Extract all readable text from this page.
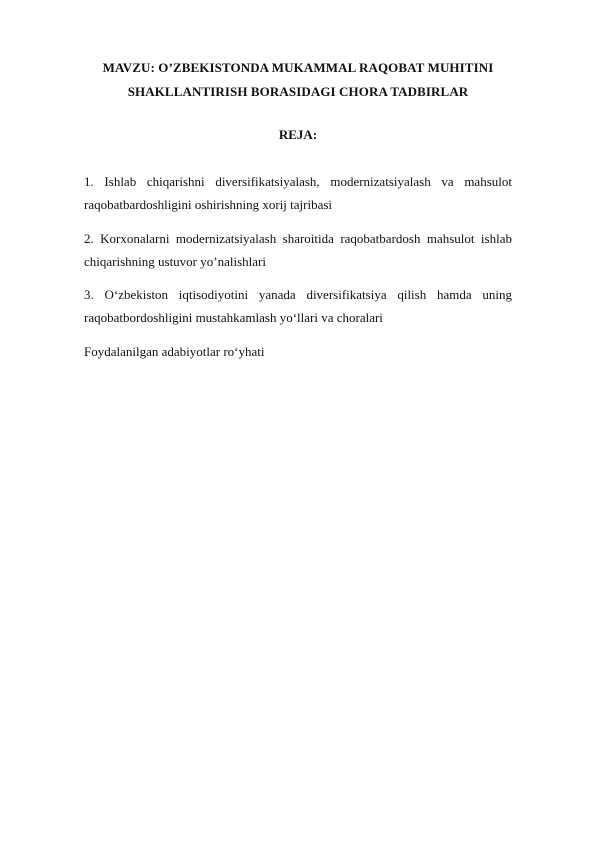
MAVZU: O’ZBEKISTONDA MUKAMMAL RAQOBAT MUHITINI
SHAKLLANTIRISH BORASIDAGI CHORA TADBIRLAR
REJA:
1. Ishlab chiqarishni diversifikatsiyalash, modernizatsiyalash va mahsulot
raqobatbardoshligini oshirishning xorij tajribasi
2. Korxonalarni modernizatsiyalash sharoitida raqobatbardosh mahsulot ishlab
chiqarishning ustuvor yo’nalishlari
3. O‘zbekiston iqtisodiyotini yanada diversifikatsiya qilish hamda uning
raqobatbordoshligini mustahkamlash yo‘llari va choralari
Foydalanilgan adabiyotlar ro‘yhati
